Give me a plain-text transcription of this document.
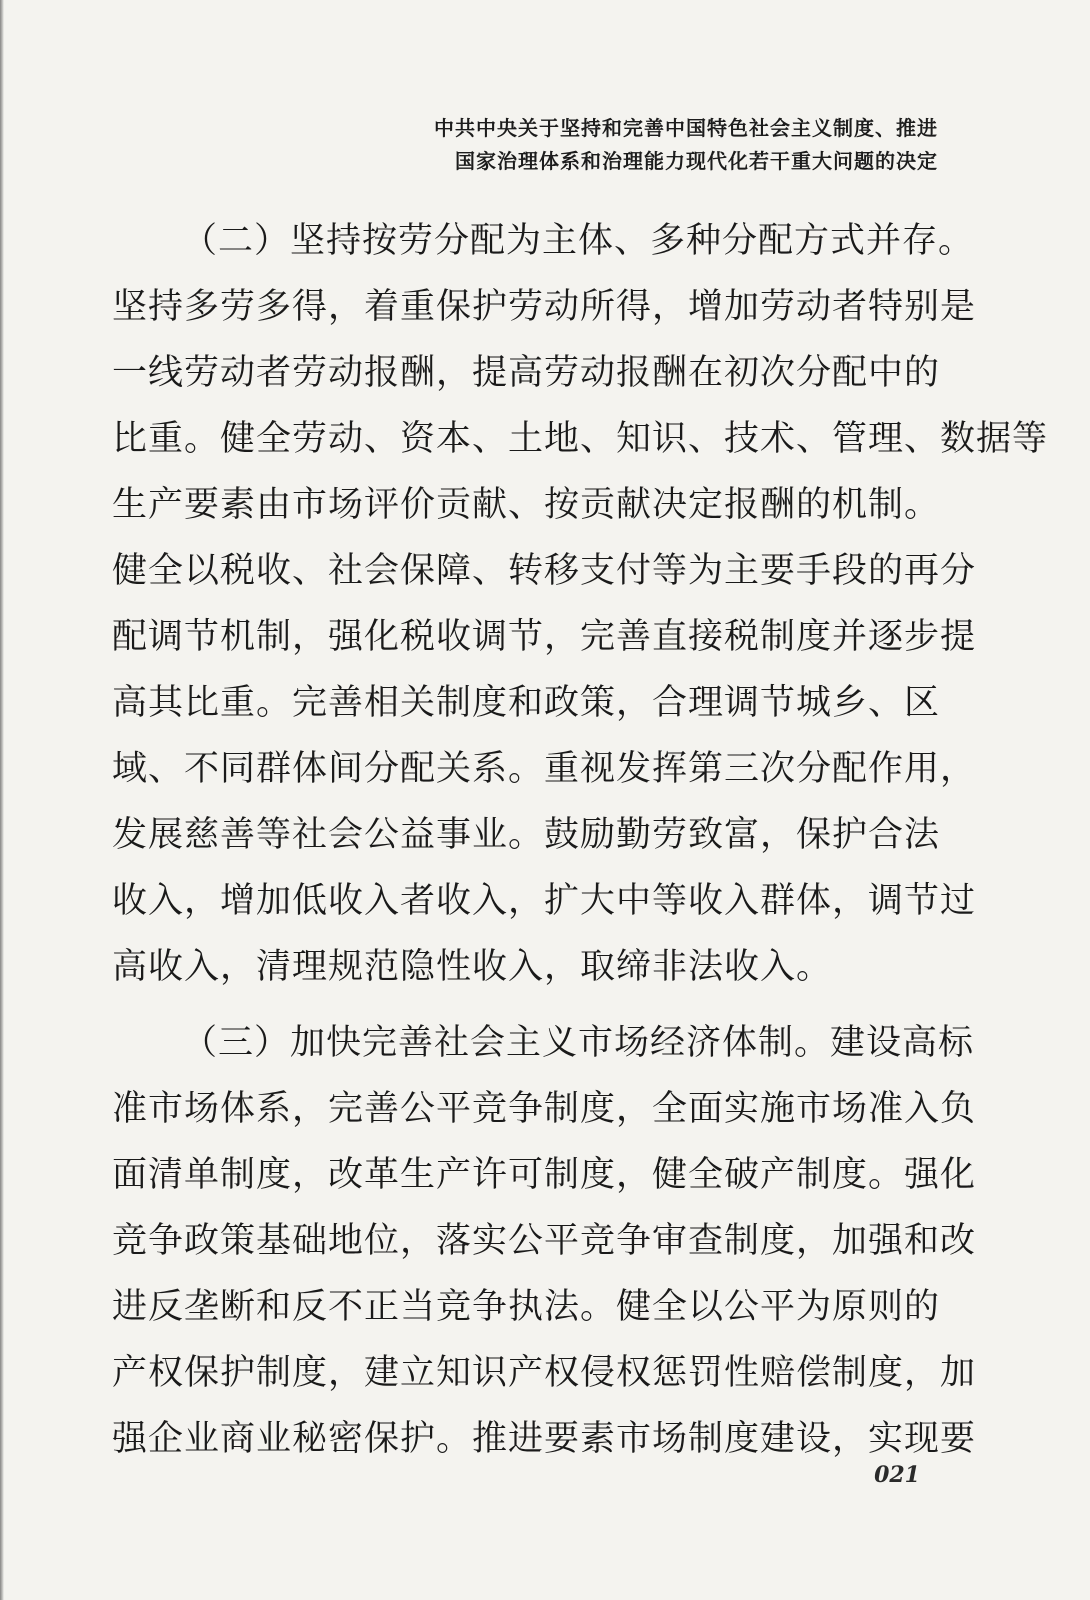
中共中央关于坚持和完善中国特色社会主义制度、推进
国家治理体系和治理能力现代化若干重大问题的决定
（二）坚持按劳分配为主体、多种分配方式并存。
坚持多劳多得，着重保护劳动所得，增加劳动者特别是
一线劳动者劳动报酬，提高劳动报酬在初次分配中的
比重。健全劳动、资本、土地、知识、技术、管理、数据等
生产要素由市场评价贡献、按贡献决定报酬的机制。
健全以税收、社会保障、转移支付等为主要手段的再分
配调节机制，强化税收调节，完善直接税制度并逐步提
高其比重。完善相关制度和政策，合理调节城乡、区
域、不同群体间分配关系。重视发挥第三次分配作用，
发展慈善等社会公益事业。鼓励勤劳致富，保护合法
收入，增加低收入者收入，扩大中等收入群体，调节过
高收入，清理规范隐性收入，取缔非法收入。
（三）加快完善社会主义市场经济体制。建设高标
准市场体系，完善公平竞争制度，全面实施市场准入负
面清单制度，改革生产许可制度，健全破产制度。强化
竞争政策基础地位，落实公平竞争审查制度，加强和改
进反垄断和反不正当竞争执法。健全以公平为原则的
产权保护制度，建立知识产权侵权惩罚性赔偿制度，加
强企业商业秘密保护。推进要素市场制度建设，实现要
021
